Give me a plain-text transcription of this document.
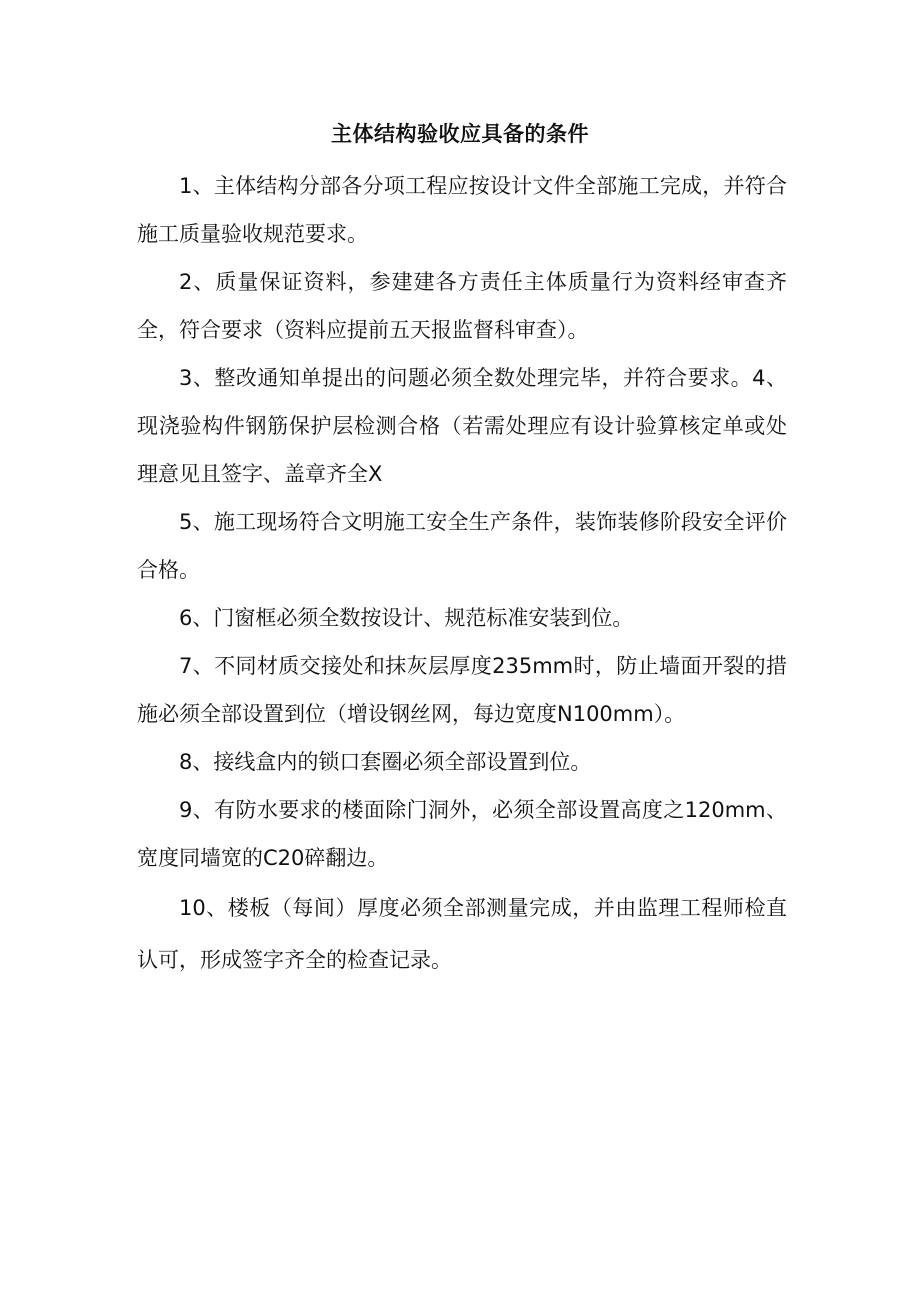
主体结构验收应具备的条件

1、主体结构分部各分项工程应按设计文件全部施工完成，并符合施工质量验收规范要求。

2、质量保证资料，参建建各方责任主体质量行为资料经审查齐全，符合要求（资料应提前五天报监督科审查）。

3、整改通知单提出的问题必须全数处理完毕，并符合要求。4、现浇验构件钢筋保护层检测合格（若需处理应有设计验算核定单或处理意见且签字、盖章齐全X

5、施工现场符合文明施工安全生产条件，装饰装修阶段安全评价合格。

6、门窗框必须全数按设计、规范标准安装到位。

7、不同材质交接处和抹灰层厚度235mm时，防止墙面开裂的措施必须全部设置到位（增设钢丝网，每边宽度N100mm）。

8、接线盒内的锁口套圈必须全部设置到位。

9、有防水要求的楼面除门洞外，必须全部设置高度之120mm、宽度同墙宽的C20碎翻边。

10、楼板（每间）厚度必须全部测量完成，并由监理工程师检直认可，形成签字齐全的检查记录。
